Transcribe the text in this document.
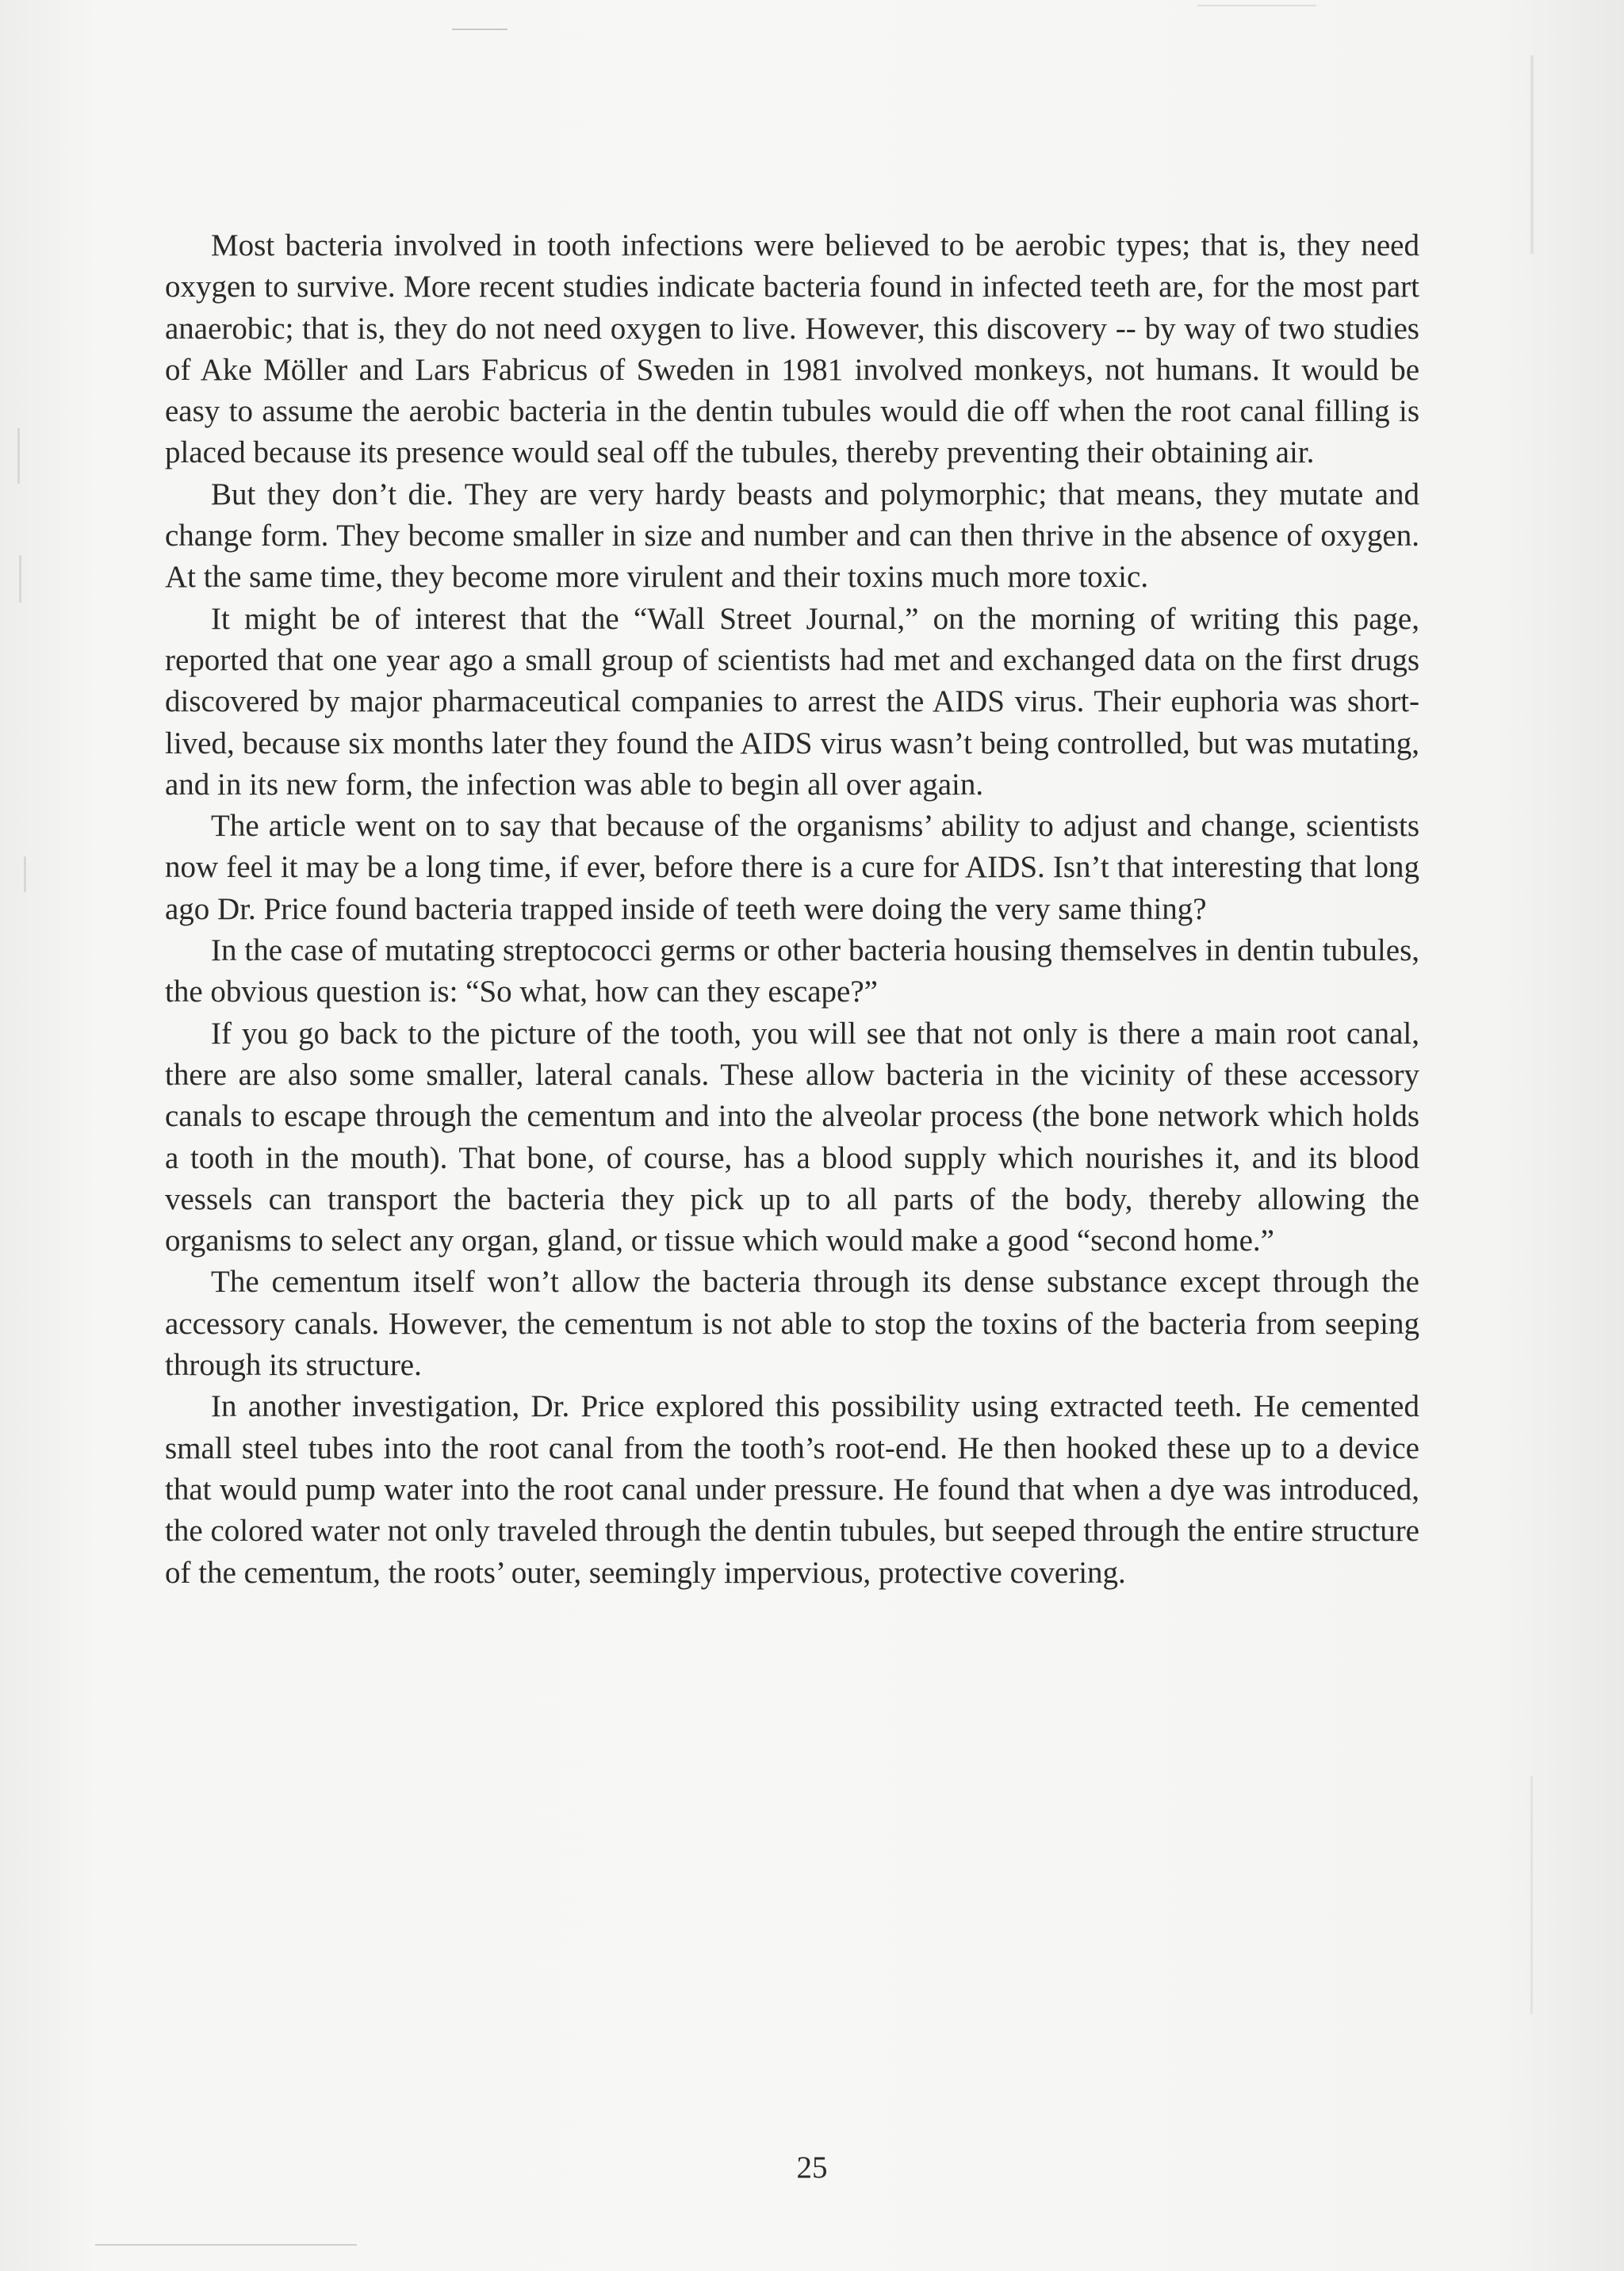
Most bacteria involved in tooth infections were believed to be aerobic types; that is, they need oxygen to survive. More recent studies indicate bacteria found in infected teeth are, for the most part anaerobic; that is, they do not need oxygen to live. However, this discovery -- by way of two studies of Ake Möller and Lars Fabricus of Sweden in 1981 involved monkeys, not humans. It would be easy to assume the aerobic bacteria in the dentin tubules would die off when the root canal filling is placed because its presence would seal off the tubules, thereby preventing their obtaining air.

But they don’t die. They are very hardy beasts and polymorphic; that means, they mutate and change form. They become smaller in size and number and can then thrive in the absence of oxygen. At the same time, they become more virulent and their toxins much more toxic.

It might be of interest that the “Wall Street Journal,” on the morning of writing this page, reported that one year ago a small group of scientists had met and exchanged data on the first drugs discovered by major pharmaceutical companies to arrest the AIDS virus. Their euphoria was short-lived, because six months later they found the AIDS virus wasn’t being controlled, but was mutating, and in its new form, the infection was able to begin all over again.

The article went on to say that because of the organisms’ ability to adjust and change, scientists now feel it may be a long time, if ever, before there is a cure for AIDS. Isn’t that interesting that long ago Dr. Price found bacteria trapped inside of teeth were doing the very same thing?

In the case of mutating streptococci germs or other bacteria housing themselves in dentin tubules, the obvious question is: “So what, how can they escape?”

If you go back to the picture of the tooth, you will see that not only is there a main root canal, there are also some smaller, lateral canals. These allow bacteria in the vicinity of these accessory canals to escape through the cementum and into the alveolar process (the bone network which holds a tooth in the mouth). That bone, of course, has a blood supply which nourishes it, and its blood vessels can transport the bacteria they pick up to all parts of the body, thereby allowing the organisms to select any organ, gland, or tissue which would make a good “second home.”

The cementum itself won’t allow the bacteria through its dense substance except through the accessory canals. However, the cementum is not able to stop the toxins of the bacteria from seeping through its structure.

In another investigation, Dr. Price explored this possibility using extracted teeth. He cemented small steel tubes into the root canal from the tooth’s root-end. He then hooked these up to a device that would pump water into the root canal under pressure. He found that when a dye was introduced, the colored water not only traveled through the dentin tubules, but seeped through the entire structure of the cementum, the roots’ outer, seemingly impervious, protective covering.

25
